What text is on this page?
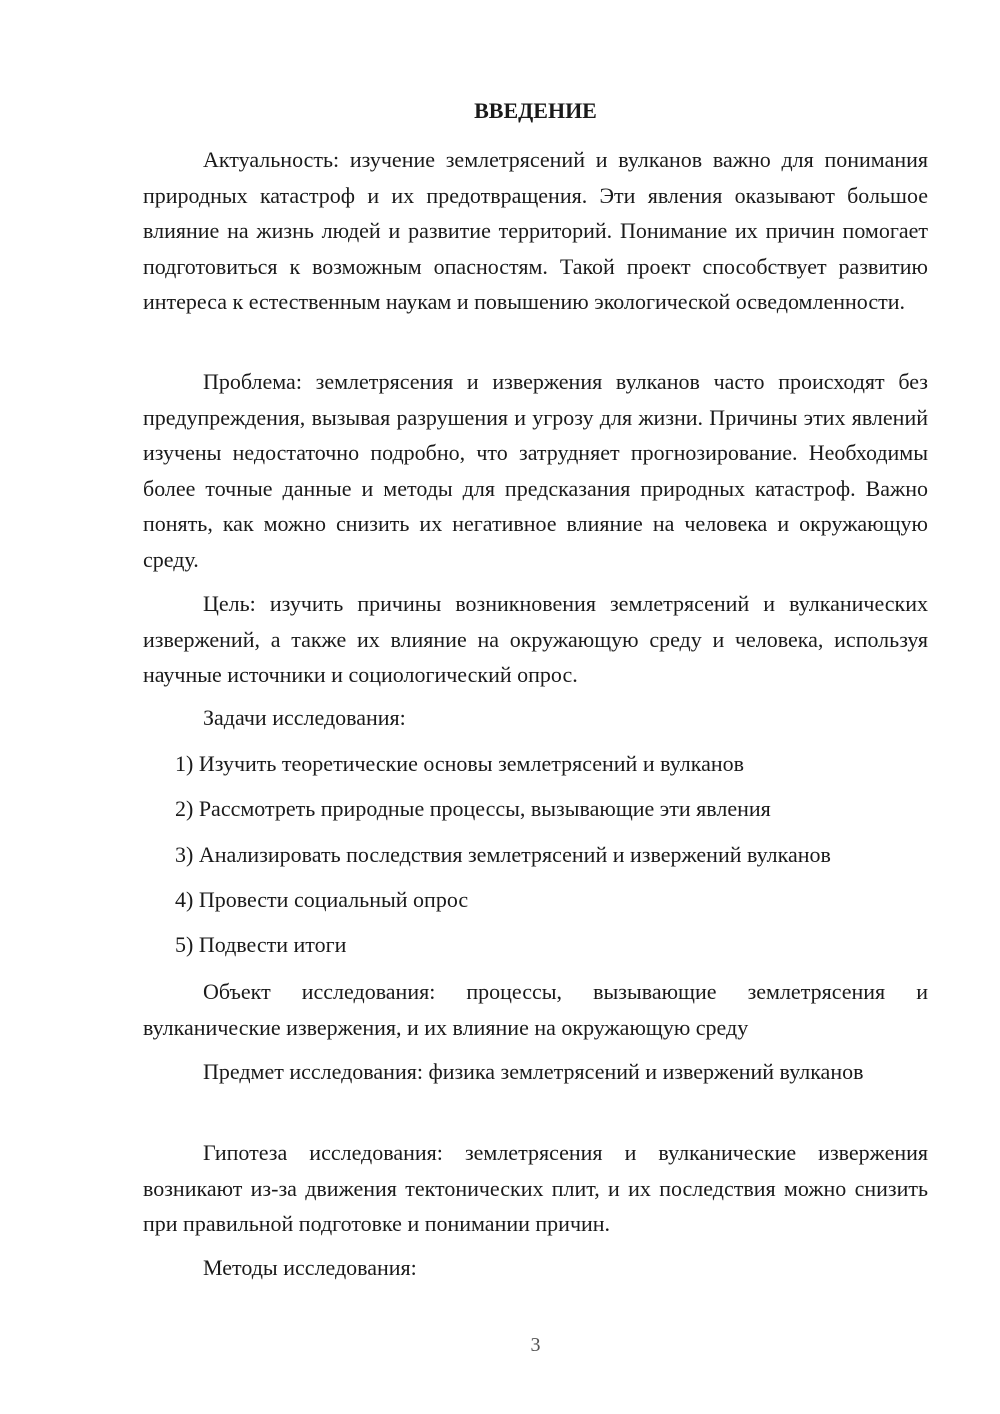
ВВЕДЕНИЕ

Актуальность: изучение землетрясений и вулканов важно для понимания природных катастроф и их предотвращения. Эти явления оказывают большое влияние на жизнь людей и развитие территорий. Понимание их причин помогает подготовиться к возможным опасностям. Такой проект способствует развитию интереса к естественным наукам и повышению экологической осведомленности.

Проблема: землетрясения и извержения вулканов часто происходят без предупреждения, вызывая разрушения и угрозу для жизни. Причины этих явлений изучены недостаточно подробно, что затрудняет прогнозирование. Необходимы более точные данные и методы для предсказания природных катастроф. Важно понять, как можно снизить их негативное влияние на человека и окружающую среду.

Цель: изучить причины возникновения землетрясений и вулканических извержений, а также их влияние на окружающую среду и человека, используя научные источники и социологический опрос.

Задачи исследования:

1) Изучить теоретические основы землетрясений и вулканов

2) Рассмотреть природные процессы, вызывающие эти явления

3) Анализировать последствия землетрясений и извержений вулканов

4) Провести социальный опрос

5) Подвести итоги

Объект исследования: процессы, вызывающие землетрясения и вулканические извержения, и их влияние на окружающую среду

Предмет исследования: физика землетрясений и извержений вулканов

Гипотеза исследования: землетрясения и вулканические извержения возникают из-за движения тектонических плит, и их последствия можно снизить при правильной подготовке и понимании причин.

Методы исследования:

3
